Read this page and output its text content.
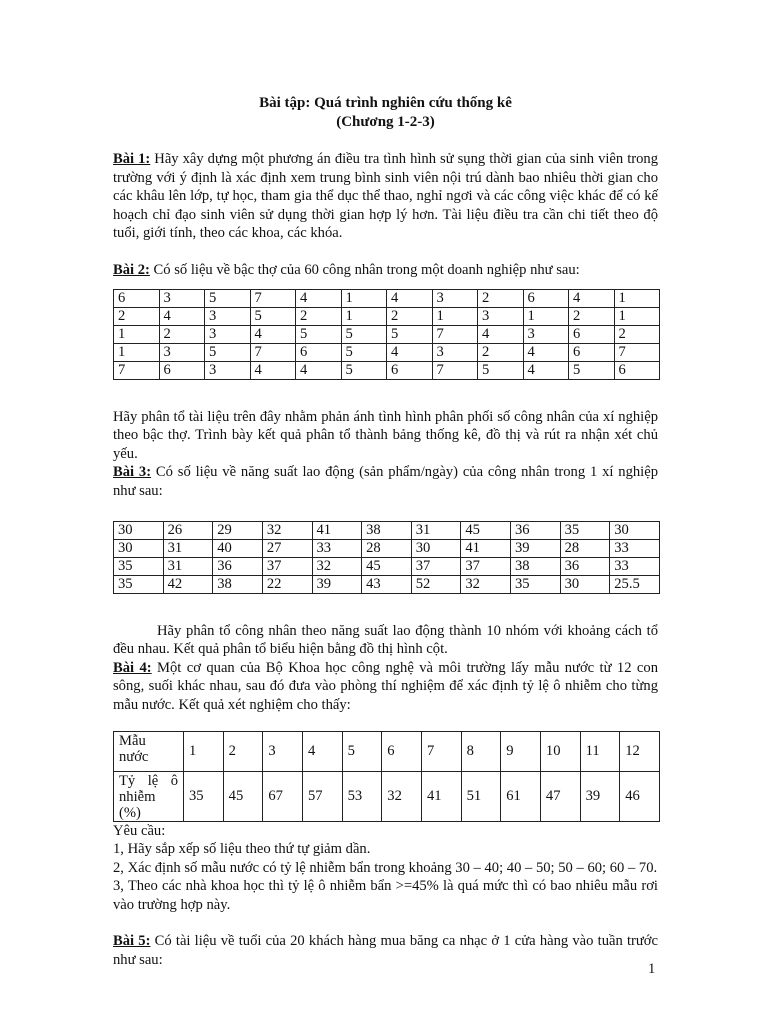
Bài tập: Quá trình nghiên cứu thống kê

(Chương 1-2-3)

Bài 1: Hãy xây dựng một phương án điều tra tình hình sử sụng thời gian của sinh viên trong trường với ý định là xác định xem trung bình sinh viên nội trú dành bao nhiêu thời gian cho các khâu lên lớp, tự học, tham gia thể dục thể thao, nghỉ ngơi và các công việc khác để có kế hoạch chỉ đạo sinh viên sử dụng thời gian hợp lý hơn. Tài liệu điều tra cần chi tiết theo độ tuổi, giới tính, theo các khoa, các khóa.

Bài 2: Có số liệu về bậc thợ của 60 công nhân trong một doanh nghiệp như sau:

6	3	5	7	4	1	4	3	2	6	4	1
2	4	3	5	2	1	2	1	3	1	2	1
1	2	3	4	5	5	5	7	4	3	6	2
1	3	5	7	6	5	4	3	2	4	6	7
7	6	3	4	4	5	6	7	5	4	5	6

Hãy phân tổ tài liệu trên đây nhằm phản ánh tình hình phân phối số công nhân của xí nghiệp theo bậc thợ. Trình bày kết quả phân tổ thành bảng thống kê, đồ thị và rút ra nhận xét chủ yếu.

Bài 3: Có số liệu về năng suất lao động (sản phẩm/ngày) của công nhân trong 1 xí nghiệp như sau:

30	26	29	32	41	38	31	45	36	35	30
30	31	40	27	33	28	30	41	39	28	33
35	31	36	37	32	45	37	37	38	36	33
35	42	38	22	39	43	52	32	35	30	25.5

Hãy phân tổ công nhân theo năng suất lao động thành 10 nhóm với khoảng cách tổ đều nhau. Kết quả phân tổ biểu hiện bằng đồ thị hình cột.

Bài 4: Một cơ quan của Bộ Khoa học công nghệ và môi trường lấy mẫu nước từ 12 con sông, suối khác nhau, sau đó đưa vào phòng thí nghiệm để xác định tỷ lệ ô nhiễm cho từng mẫu nước. Kết quả xét nghiệm cho thấy:

Mẫu nước	1	2	3	4	5	6	7	8	9	10	11	12
Tỷ lệ ô nhiễm (%)	35	45	67	57	53	32	41	51	61	47	39	46

Yêu cầu:

1, Hãy sắp xếp số liệu theo thứ tự giảm dần.

2, Xác định số mẫu nước có tỷ lệ nhiễm bẩn trong khoảng 30 – 40; 40 – 50; 50 – 60; 60 – 70.

3, Theo các nhà khoa học thì tỷ lệ ô nhiễm bẩn >=45% là quá mức thì có bao nhiêu mẫu rơi vào trường hợp này.

Bài 5: Có tài liệu về tuổi của 20 khách hàng mua băng ca nhạc ở 1 cửa hàng vào tuần trước như sau:

1
